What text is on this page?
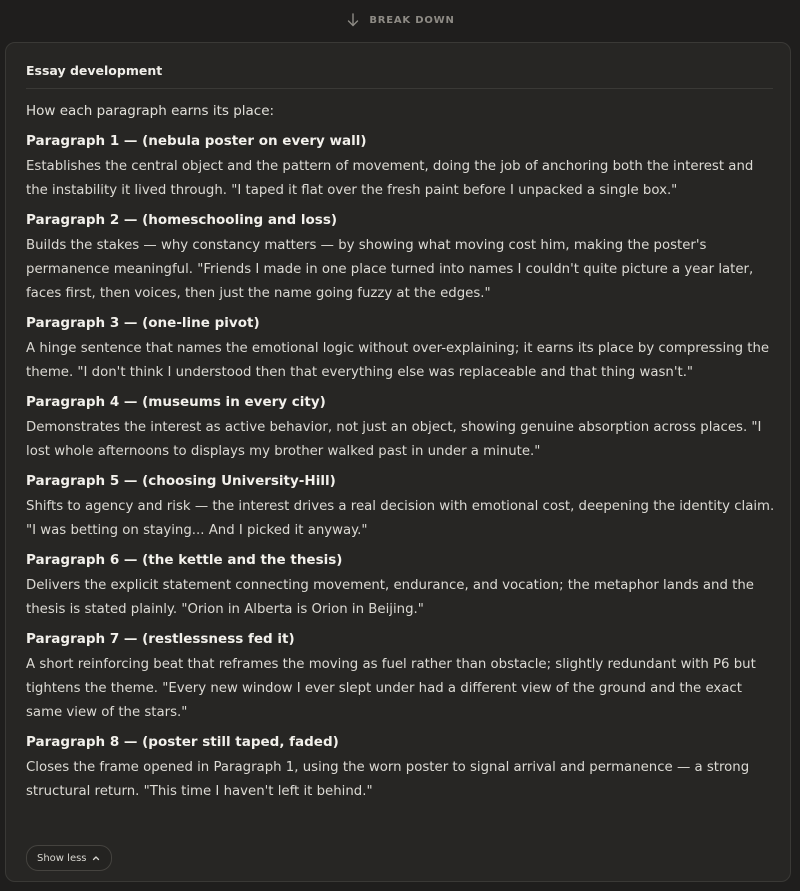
BREAK DOWN
Essay development

How each paragraph earns its place:

Paragraph 1 — (nebula poster on every wall)

Establishes the central object and the pattern of movement, doing the job of anchoring both the interest and the instability it lived through. "I taped it flat over the fresh paint before I unpacked a single box."

Paragraph 2 — (homeschooling and loss)

Builds the stakes — why constancy matters — by showing what moving cost him, making the poster's permanence meaningful. "Friends I made in one place turned into names I couldn't quite picture a year later, faces first, then voices, then just the name going fuzzy at the edges."

Paragraph 3 — (one-line pivot)

A hinge sentence that names the emotional logic without over-explaining; it earns its place by compressing the theme. "I don't think I understood then that everything else was replaceable and that thing wasn't."

Paragraph 4 — (museums in every city)

Demonstrates the interest as active behavior, not just an object, showing genuine absorption across places. "I lost whole afternoons to displays my brother walked past in under a minute."

Paragraph 5 — (choosing University-Hill)

Shifts to agency and risk — the interest drives a real decision with emotional cost, deepening the identity claim. "I was betting on staying... And I picked it anyway."

Paragraph 6 — (the kettle and the thesis)

Delivers the explicit statement connecting movement, endurance, and vocation; the metaphor lands and the thesis is stated plainly. "Orion in Alberta is Orion in Beijing."

Paragraph 7 — (restlessness fed it)

A short reinforcing beat that reframes the moving as fuel rather than obstacle; slightly redundant with P6 but tightens the theme. "Every new window I ever slept under had a different view of the ground and the exact same view of the stars."

Paragraph 8 — (poster still taped, faded)

Closes the frame opened in Paragraph 1, using the worn poster to signal arrival and permanence — a strong structural return. "This time I haven't left it behind."

Show less
